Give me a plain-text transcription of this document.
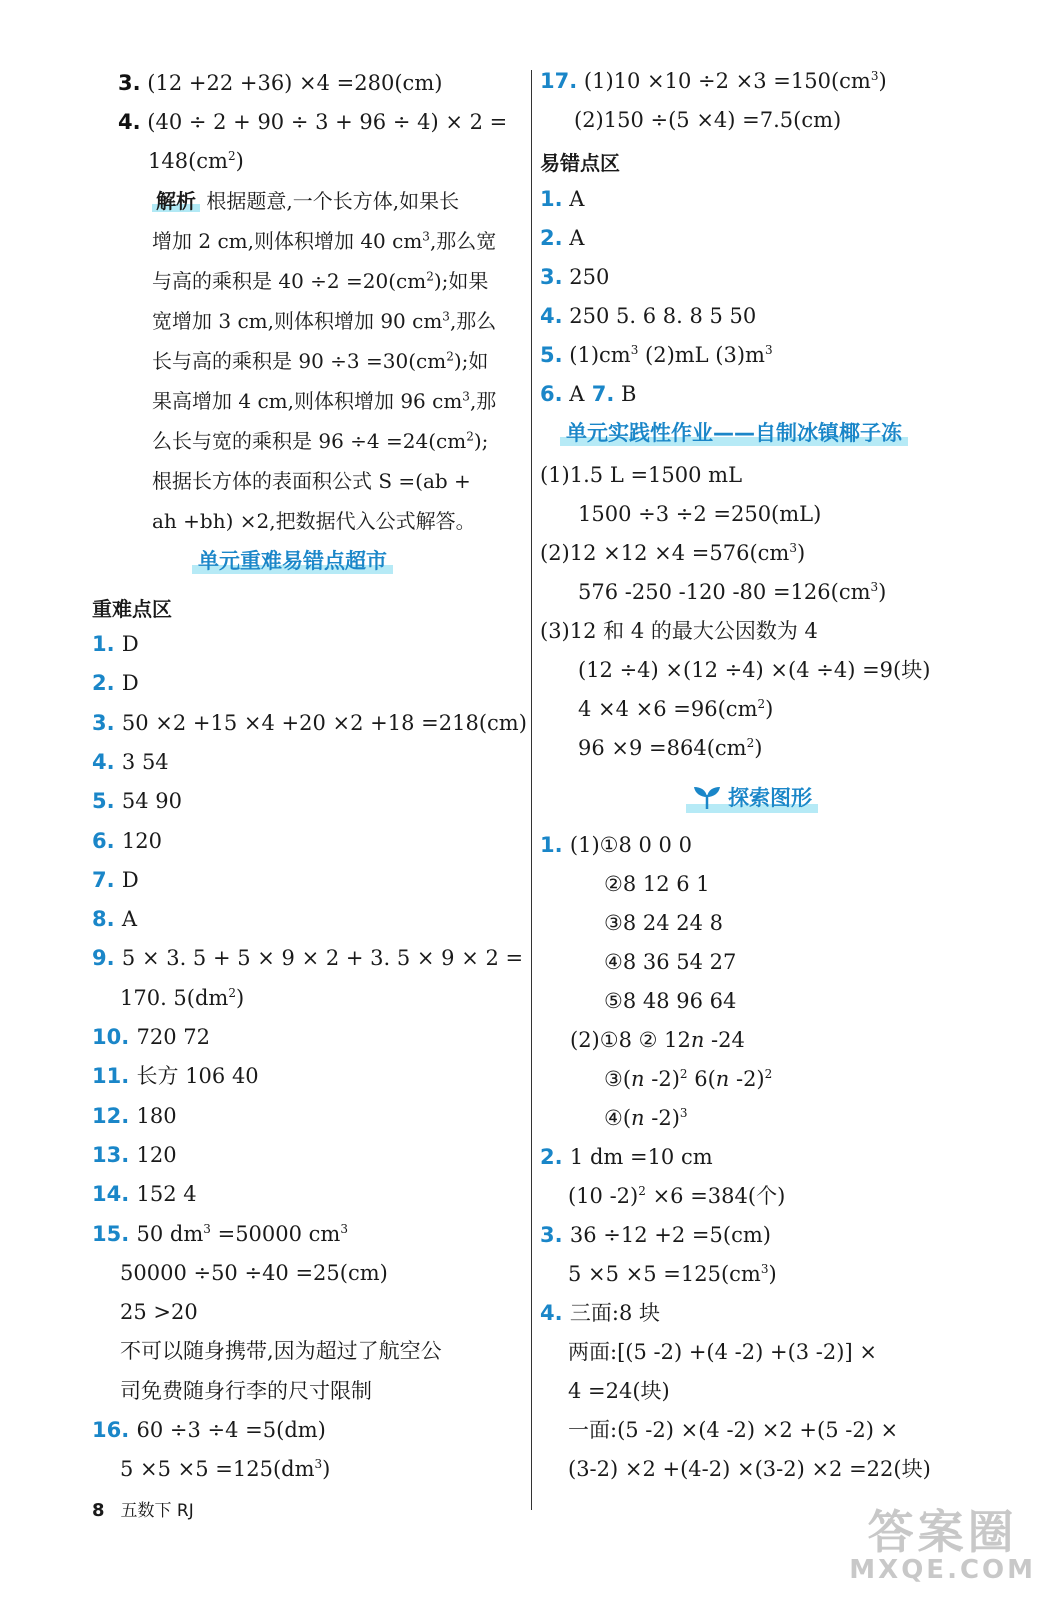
3. (12 +22 +36) ×4 =280(cm)
4. (40 ÷ 2 + 90 ÷ 3 + 96 ÷ 4) × 2 =
$148(cm^2)$
解析 根据题意,一个长方体,如果长
增加 2 cm,则体积增加 40 $cm^3$,那么宽
与高的乘积是 $40 \div 2 =20(cm^2)$;如果
宽增加 3 cm,则体积增加 90 $cm^3$,那么
长与高的乘积是 $90 \div 3 =30(cm^2)$;如
果高增加 4 cm,则体积增加 96 $cm^3$,那
么长与宽的乘积是 $96 \div 4 =24(cm^2)$;
根据长方体的表面积公式 S =(ab +
ah +bh) ×2,把数据代入公式解答。
单元重难易错点超市
重难点区
1. D
2. D
3. 50 ×2 +15 ×4 +20 ×2 +18 =218(cm)
4. 3 54
5. 54 90
6. 120
7. D
8. A
9. 5 × 3. 5 + 5 × 9 × 2 + 3. 5 × 9 × 2 =
170. $5(dm^2)$
10. 720 72
11. 长方 106 40
12. 180
13. 120
14. 152 4
15. 50 $dm^3 =50000$ $cm^3$
50000 ÷50 ÷40 =25(cm)
25 >20
不可以随身携带,因为超过了航空公
司免费随身行李的尺寸限制
16. 60 ÷3 ÷4 =5(dm)
$5 \times 5 \times 5 =125(dm^3)$
17. $(1)10 \times 10 \div 2 \times 3 =150(cm^3)$
(2)150 ÷(5 ×4) =7.5(cm)
易错点区
1. A
2. A
3. 250
4. 250 5. 6 8. 8 5 50
5. $(1)cm^3$ (2)mL $(3)m^3$
6. A 7. B
单元实践性作业——自制冰镇椰子冻
(1)1.5 L =1500 mL
1500 ÷3 ÷2 =250(mL)
$(2)12 \times 12 \times 4 =576(cm^3)$
576 -250 -120 $-80 =126(cm^3)$
(3)12 和 4 的最大公因数为 4
(12 ÷4) ×(12 ÷4) ×(4 ÷4) =9(块)
$4 \times 4 \times 6 =96(cm^2)$
$96 \times 9 =864(cm^2)$
探索图形
1. (1)①8 0 0 0
②8 12 6 1
③8 24 24 8
④8 36 54 27
⑤8 48 96 64
(2)①8 ② 12n -24
③(n -2)$^2$ 6(n -2)$^2$
④(n -2)$^3$
2. 1 dm =10 cm
(10 -2)$^2$ ×6 =384(个)
3. 36 ÷12 +2 =5(cm)
$5 \times 5 \times 5 =125(cm^3)$
4. 三面:8 块
两面:[(5 -2) +(4 -2) +(3 -2)] ×
4 =24(块)
一面:(5 -2) ×(4 -2) ×2 +(5 -2) ×
(3-2) ×2 +(4-2) ×(3-2) ×2 =22(块)
8 五数下 RJ	答案圈
MXQE.COM
